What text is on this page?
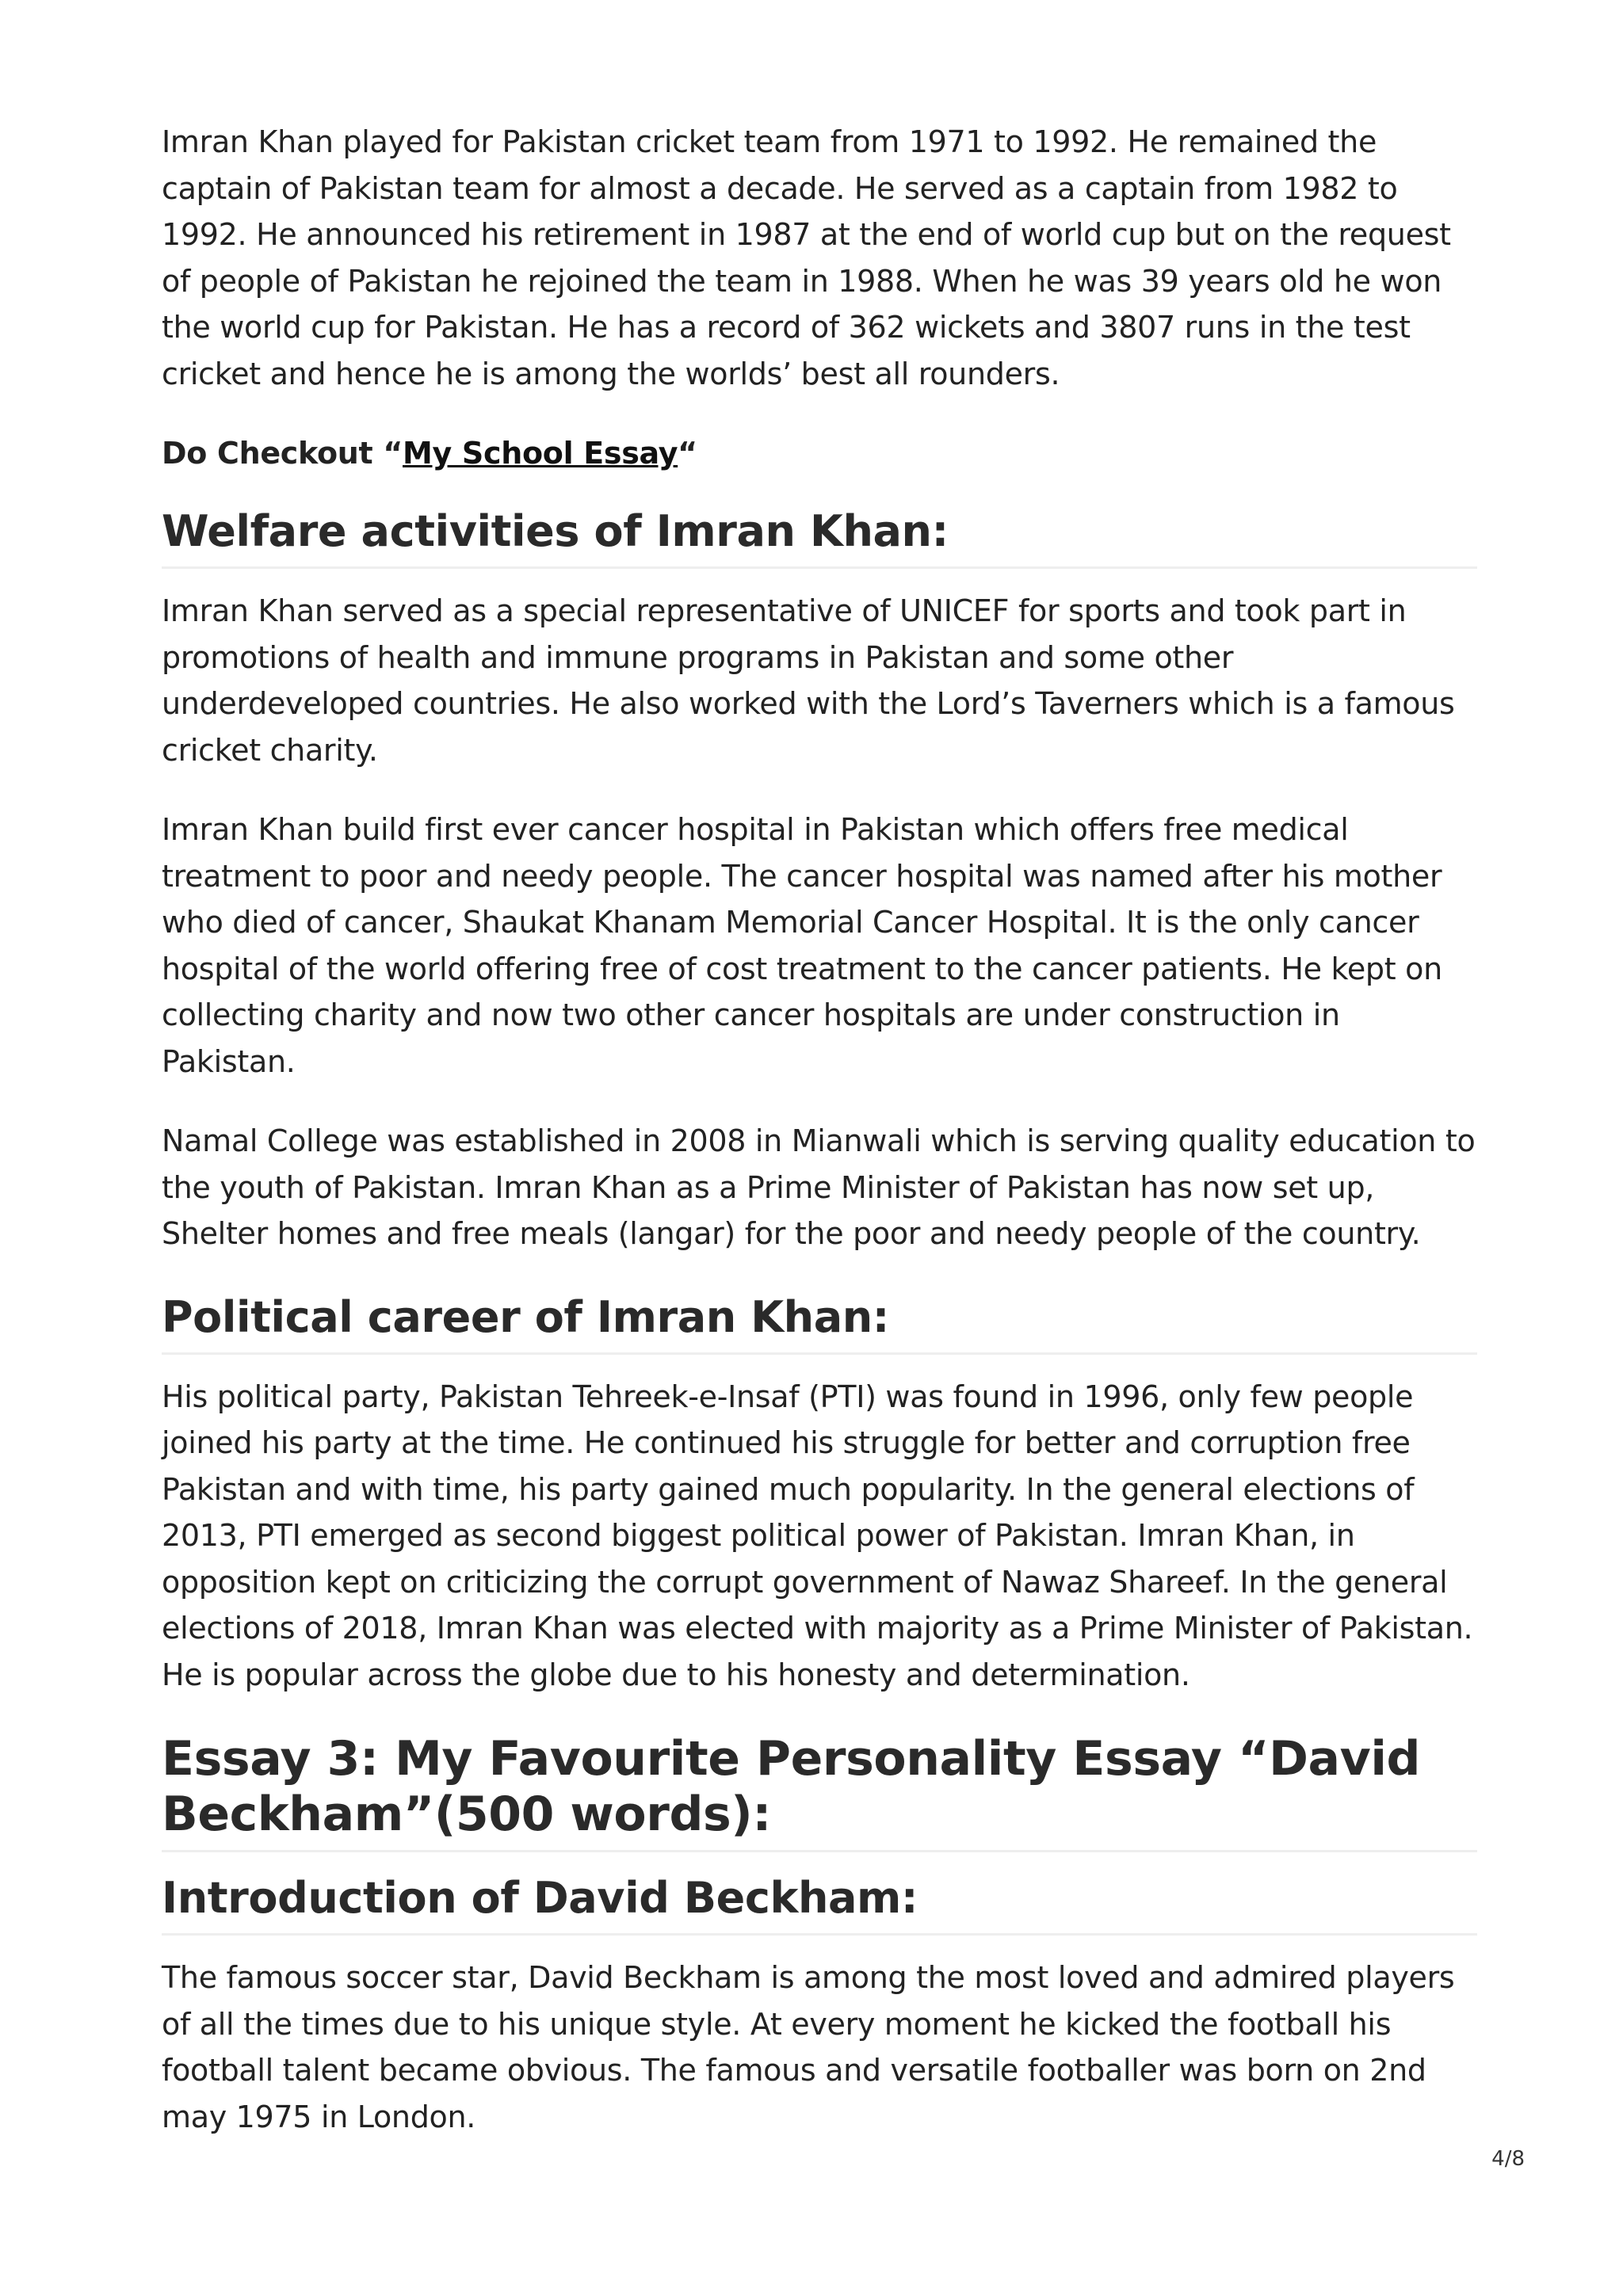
Imran Khan played for Pakistan cricket team from 1971 to 1992. He remained the captain of Pakistan team for almost a decade. He served as a captain from 1982 to 1992. He announced his retirement in 1987 at the end of world cup but on the request of people of Pakistan he rejoined the team in 1988. When he was 39 years old he won the world cup for Pakistan. He has a record of 362 wickets and 3807 runs in the test cricket and hence he is among the worlds’ best all rounders.

Do Checkout “My School Essay“

Welfare activities of Imran Khan:

Imran Khan served as a special representative of UNICEF for sports and took part in promotions of health and immune programs in Pakistan and some other underdeveloped countries. He also worked with the Lord’s Taverners which is a famous cricket charity.

Imran Khan build first ever cancer hospital in Pakistan which offers free medical treatment to poor and needy people. The cancer hospital was named after his mother who died of cancer, Shaukat Khanam Memorial Cancer Hospital. It is the only cancer hospital of the world offering free of cost treatment to the cancer patients. He kept on collecting charity and now two other cancer hospitals are under construction in Pakistan.

Namal College was established in 2008 in Mianwali which is serving quality education to the youth of Pakistan. Imran Khan as a Prime Minister of Pakistan has now set up, Shelter homes and free meals (langar) for the poor and needy people of the country.

Political career of Imran Khan:

His political party, Pakistan Tehreek-e-Insaf (PTI) was found in 1996, only few people joined his party at the time. He continued his struggle for better and corruption free Pakistan and with time, his party gained much popularity. In the general elections of 2013, PTI emerged as second biggest political power of Pakistan. Imran Khan, in opposition kept on criticizing the corrupt government of Nawaz Shareef. In the general elections of 2018, Imran Khan was elected with majority as a Prime Minister of Pakistan. He is popular across the globe due to his honesty and determination.

Essay 3: My Favourite Personality Essay “David Beckham”(500 words):
Introduction of David Beckham:

The famous soccer star, David Beckham is among the most loved and admired players of all the times due to his unique style. At every moment he kicked the football his football talent became obvious. The famous and versatile footballer was born on 2nd may 1975 in London.

4/8
